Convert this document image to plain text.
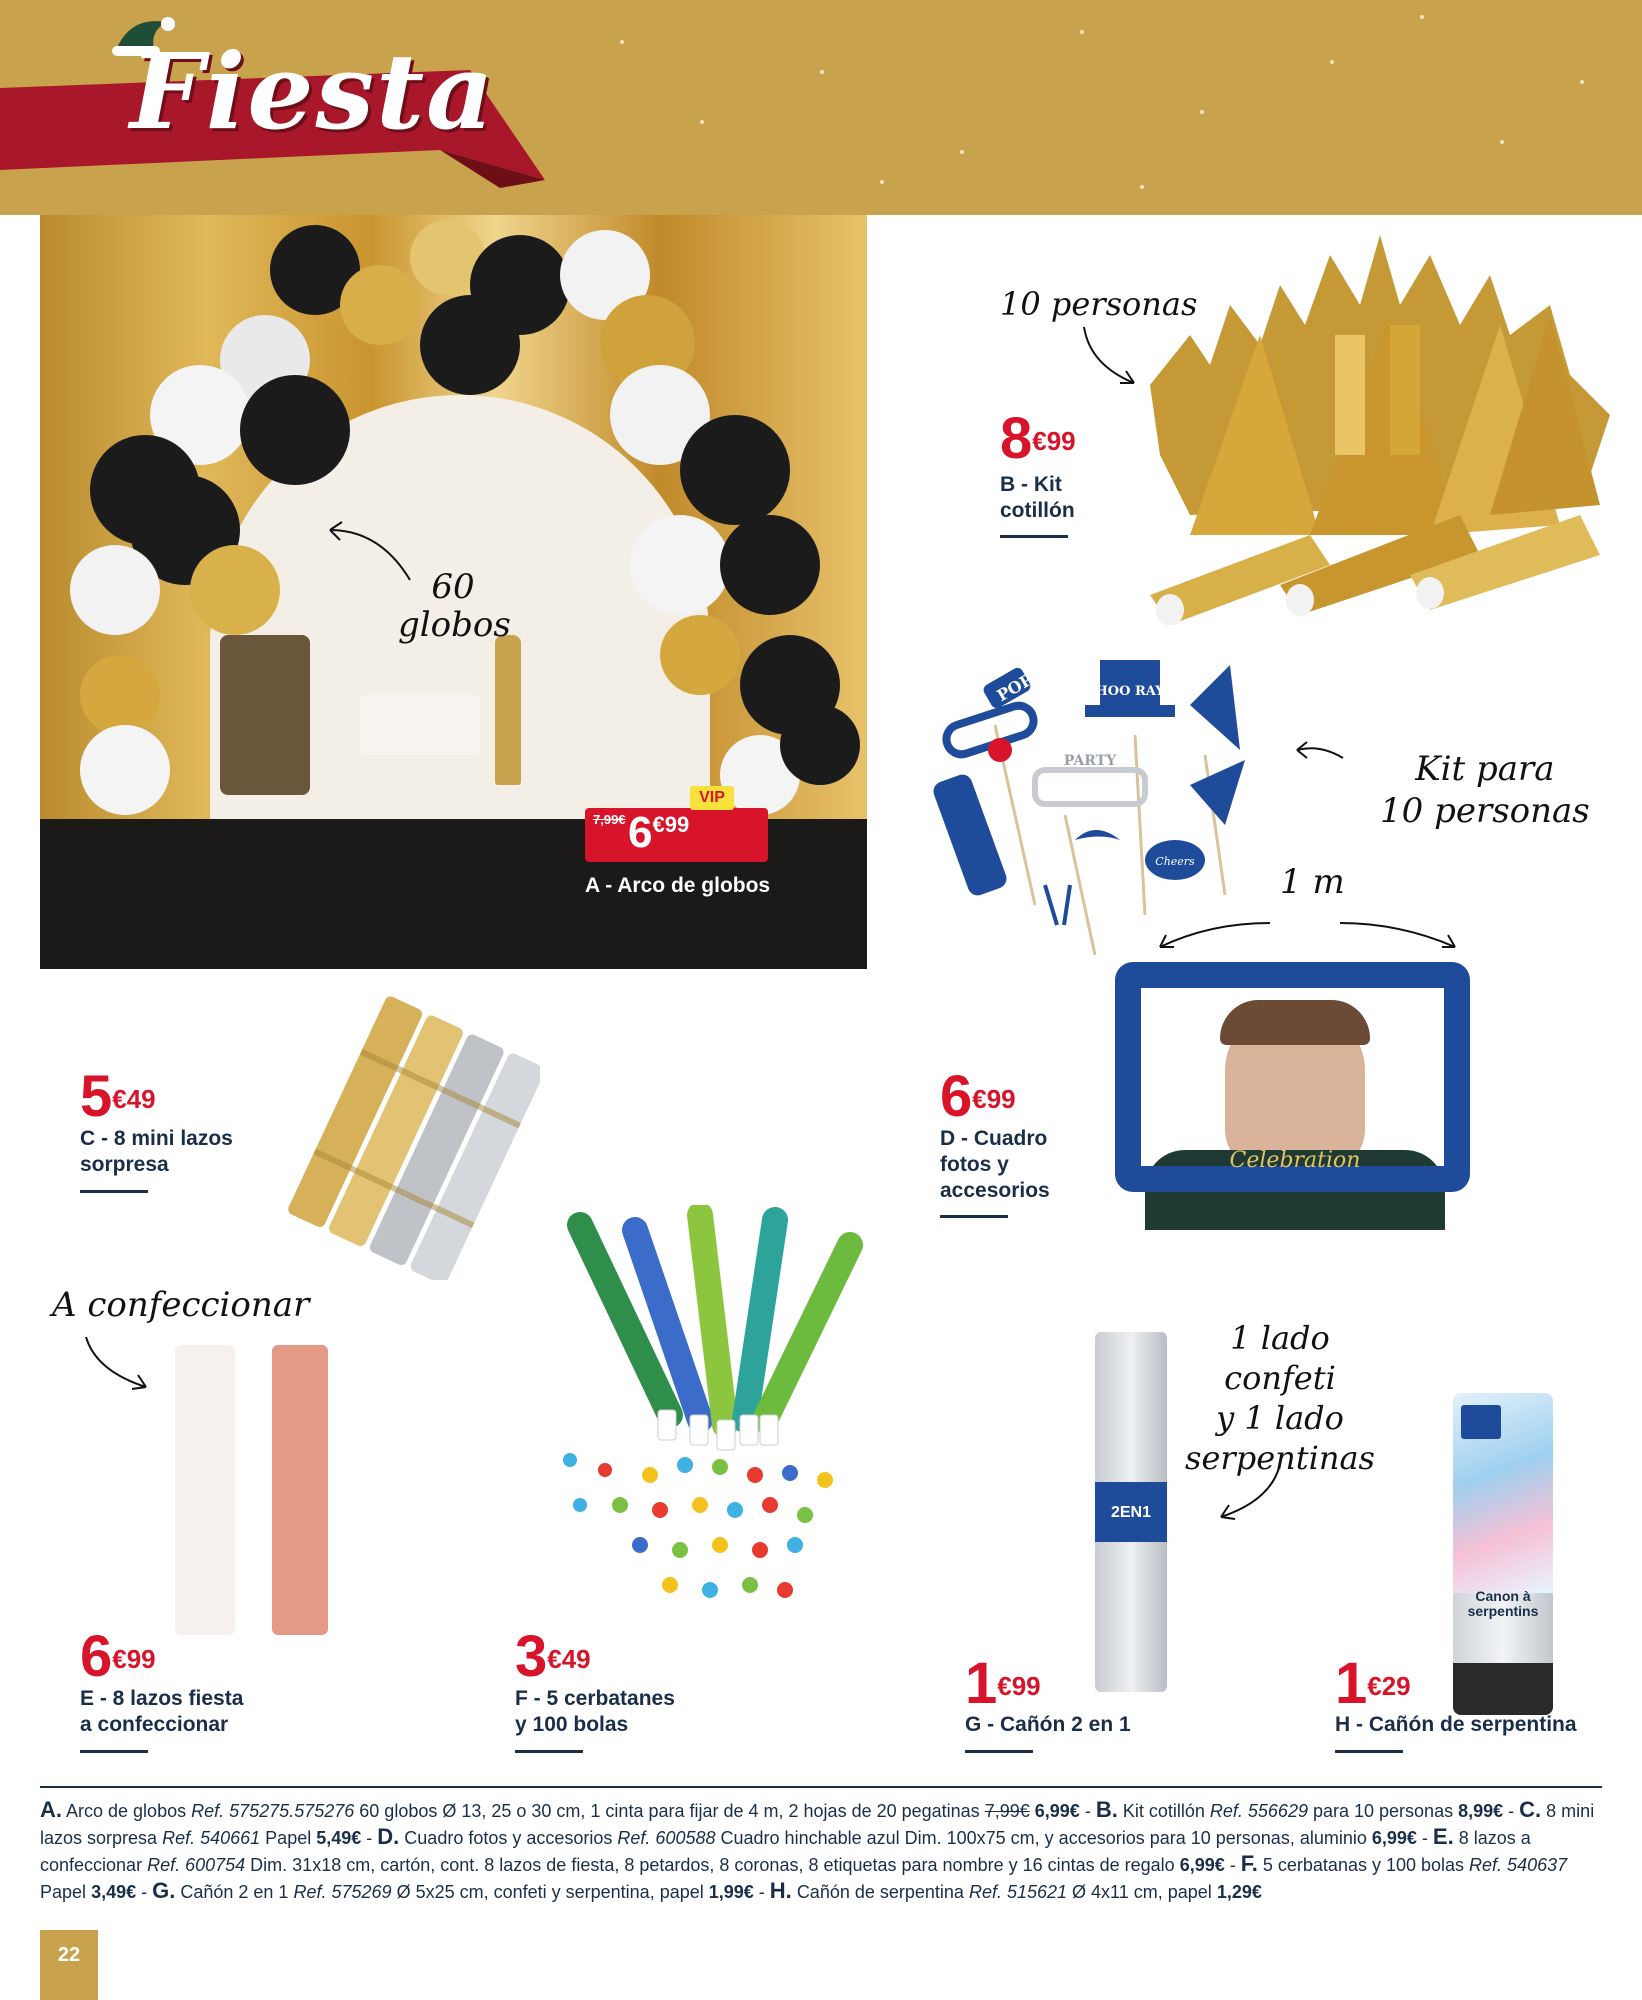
Fiesta
60
globos
VIP
7,99€ $6^{€99}$
A - Arco de globos
10 personas
$8^{€99}$
B - Kit
cotillón
POP	HOO RAY
PARTY
Cheers
Kit para
10 personas
1 m
Celebration
$6^{€99}$
D - Cuadro
fotos y
accesorios
$5^{€49}$
C - 8 mini lazos
sorpresa
A confeccionar
$6^{€99}$
E - 8 lazos fiesta
a confeccionar
$3^{€49}$
F - 5 cerbatanes
y 100 bolas
1 lado confeti
y 1 lado
serpentinas
2EN1
$1^{€99}$
G - Cañón 2 en 1
Canon à serpentins
$1^{€29}$
H - Cañón de serpentina
A. Arco de globos Ref. 575275.575276 60 globos Ø 13, 25 o 30 cm, 1 cinta para fijar de 4 m, 2 hojas de 20 pegatinas 7,99€ 6,99€ - B. Kit cotillón Ref. 556629 para 10 personas 8,99€ - C. 8 mini lazos sorpresa Ref. 540661 Papel 5,49€ - D. Cuadro fotos y accesorios Ref. 600588 Cuadro hinchable azul Dim. 100x75 cm, y accesorios para 10 personas, aluminio 6,99€ - E. 8 lazos a confeccionar Ref. 600754 Dim. 31x18 cm, cartón, cont. 8 lazos de fiesta, 8 petardos, 8 coronas, 8 etiquetas para nombre y 16 cintas de regalo 6,99€ - F. 5 cerbatanas y 100 bolas Ref. 540637 Papel 3,49€ - G. Cañón 2 en 1 Ref. 575269 Ø 5x25 cm, confeti y serpentina, papel 1,99€ - H. Cañón de serpentina Ref. 515621 Ø 4x11 cm, papel 1,29€
22
